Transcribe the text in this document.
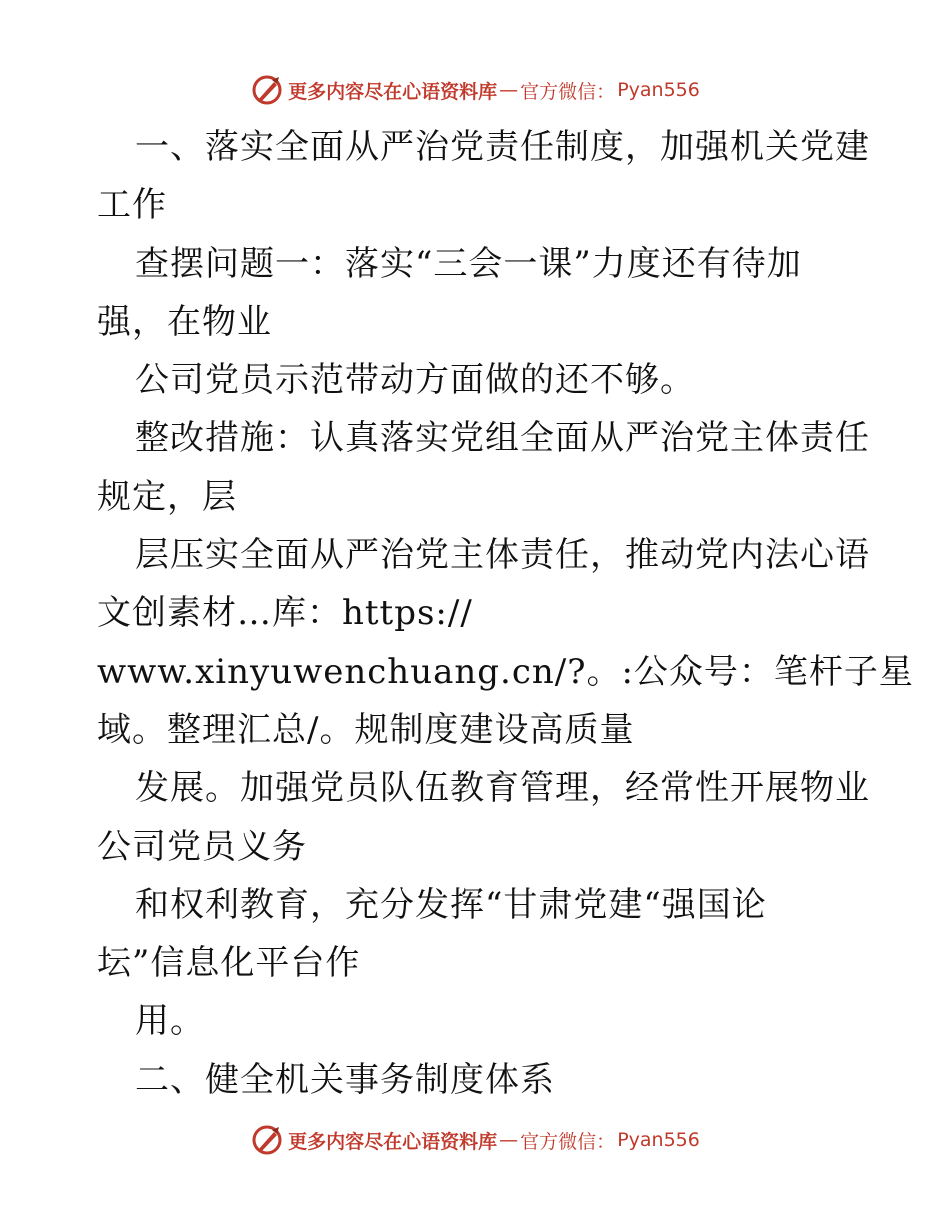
更多内容尽在心语资料库 — 官方微信： Pyan556
一、落实全面从严治党责任制度，加强机关党建
工作
查摆问题一：落实“三会一课”力度还有待加
强，在物业
公司党员示范带动方面做的还不够。
整改措施：认真落实党组全面从严治党主体责任
规定，层
层压实全面从严治党主体责任，推动党内法心语
文创素材…库：https://
www.xinyuwenchuang.cn/?。:公众号：笔杆子星
域。整理汇总/。规制度建设高质量
发展。加强党员队伍教育管理，经常性开展物业
公司党员义务
和权利教育，充分发挥“甘肃党建“强国论
坛”信息化平台作
用。
二、健全机关事务制度体系
更多内容尽在心语资料库 — 官方微信： Pyan556
